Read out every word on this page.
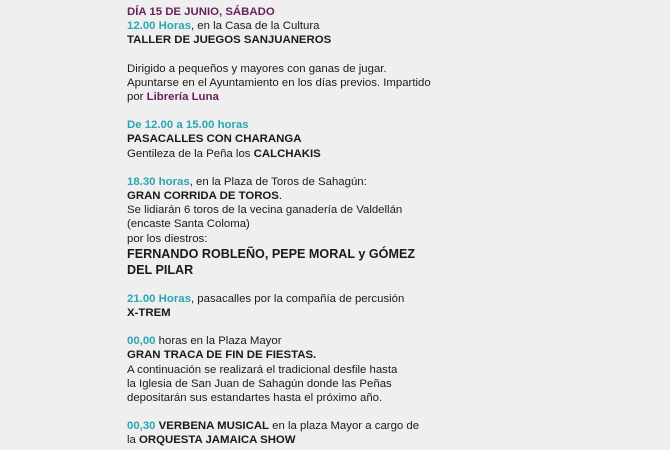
DÍA 15 DE JUNIO, SÁBADO
12.00 Horas, en la Casa de la Cultura
TALLER DE JUEGOS SANJUANEROS
Dirigido a pequeños y mayores con ganas de jugar.
Apuntarse en el Ayuntamiento en los días previos. Impartido
por Librería Luna
De 12.00 a 15.00 horas
PASACALLES CON CHARANGA
Gentileza de la Peña los CALCHAKIS
18.30 horas, en la Plaza de Toros de Sahagún:
GRAN CORRIDA DE TOROS.
Se lidiarán 6 toros de la vecina ganadería de Valdellán
(encaste Santa Coloma)
por los diestros:
FERNANDO ROBLEÑO, PEPE MORAL y GÓMEZ DEL PILAR
21.00 Horas, pasacalles por la compañía de percusión
X-TREM
00,00 horas en la Plaza Mayor
GRAN TRACA DE FIN DE FIESTAS.
A continuación se realizará el tradicional desfile hasta
la Iglesia de San Juan de Sahagún donde las Peñas
depositarán sus estandartes hasta el próximo año.
00,30 VERBENA MUSICAL en la plaza Mayor a cargo de
la ORQUESTA JAMAICA SHOW
